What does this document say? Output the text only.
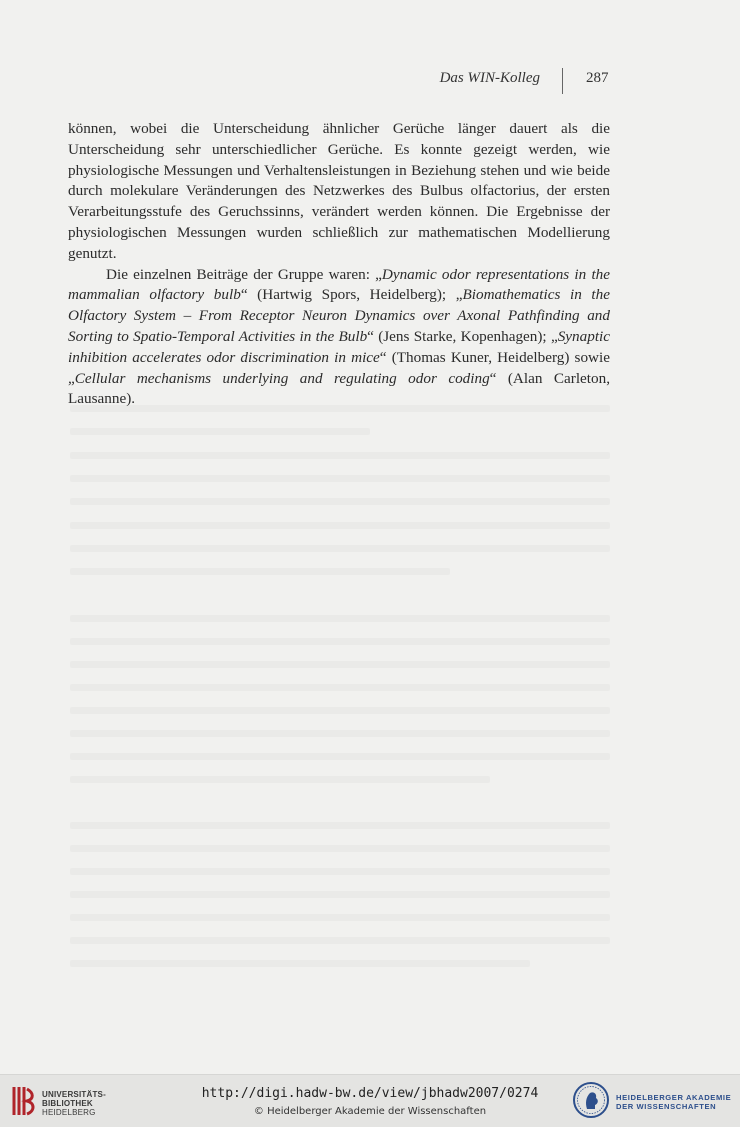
Das WIN-Kolleg	287

können, wobei die Unterscheidung ähnlicher Gerüche länger dauert als die Unterscheidung sehr unterschiedlicher Gerüche. Es konnte gezeigt werden, wie physiologische Messungen und Verhaltensleistungen in Beziehung stehen und wie beide durch molekulare Veränderungen des Netzwerkes des Bulbus olfactorius, der ersten Verarbeitungsstufe des Geruchssinns, verändert werden können. Die Ergebnisse der physiologischen Messungen wurden schließlich zur mathematischen Modellierung genutzt.

Die einzelnen Beiträge der Gruppe waren: „Dynamic odor representations in the mammalian olfactory bulb“ (Hartwig Spors, Heidelberg); „Biomathematics in the Olfactory System – From Receptor Neuron Dynamics over Axonal Pathfinding and Sorting to Spatio-Temporal Activities in the Bulb“ (Jens Starke, Kopenhagen); „Synaptic inhibition accelerates odor discrimination in mice“ (Thomas Kuner, Heidelberg) sowie „Cellular mechanisms underlying and regulating odor coding“ (Alan Carleton, Lausanne).

UNIVERSITÄTS-
BIBLIOTHEK
HEIDELBERG
http://digi.hadw-bw.de/view/jbhadw2007/0274
© Heidelberger Akademie der Wissenschaften
HEIDELBERGER AKADEMIE
DER WISSENSCHAFTEN
